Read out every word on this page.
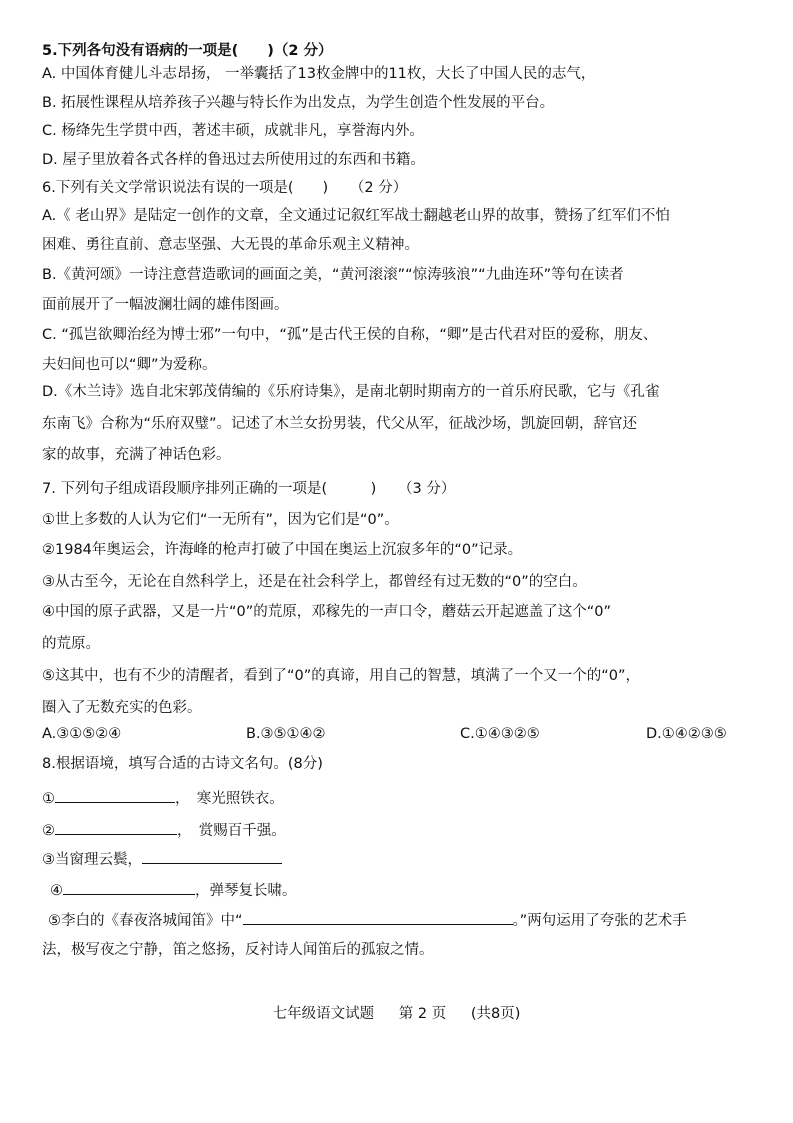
5.下列各句没有语病的一项是(　　)（2 分）
A. 中国体育健儿斗志昂扬， 一举囊括了13枚金牌中的11枚，大长了中国人民的志气，
B. 拓展性课程从培养孩子兴趣与特长作为出发点，为学生创造个性发展的平台。
C. 杨绛先生学贯中西，著述丰硕，成就非凡，享誉海内外。
D. 屋子里放着各式各样的鲁迅过去所使用过的东西和书籍。
6.下列有关文学常识说法有误的一项是(　　)　　（2 分）
A.《 老山界》是陆定一创作的文章，全文通过记叙红军战士翻越老山界的故事，赞扬了红军们不怕
困难、勇往直前、意志坚强、大无畏的革命乐观主义精神。
B.《黄河颂》一诗注意营造歌词的画面之美，“黄河滚滚”“惊涛骇浪”“九曲连环”等句在读者
面前展开了一幅波澜壮阔的雄伟图画。
C. “孤岂欲卿治经为博士邪”一句中，“孤”是古代王侯的自称，“卿”是古代君对臣的爱称，朋友、
夫妇间也可以“卿”为爱称。
D.《木兰诗》选自北宋郭茂倩编的《乐府诗集》，是南北朝时期南方的一首乐府民歌，它与《孔雀
东南飞》合称为“乐府双璧”。记述了木兰女扮男装，代父从军，征战沙场，凯旋回朝，辞官还
家的故事，充满了神话色彩。
7. 下列句子组成语段顺序排列正确的一项是(　　　)　　（3 分）
①世上多数的人认为它们“一无所有”，因为它们是“0”。
②1984年奥运会，许海峰的枪声打破了中国在奥运上沉寂多年的“0”记录。
③从古至今，无论在自然科学上，还是在社会科学上，都曾经有过无数的“0”的空白。
④中国的原子武器，又是一片“0”的荒原，邓稼先的一声口令，蘑菇云开起遮盖了这个“0”
的荒原。
⑤这其中，也有不少的清醒者，看到了“0”的真谛，用自己的智慧，填满了一个又一个的“0”，
圈入了无数充实的色彩。
A.③①⑤②④	B.③⑤①④②	C.①④③②⑤	D.①④②③⑤
8.根据语境，填写合适的古诗文名句。(8分)
①	，　寒光照铁衣。
②	，　赏赐百千强。
③当窗理云鬓，
④	，弹琴复长啸。
⑤李白的《春夜洛城闻笛》中“	。”两句运用了夸张的艺术手
法，极写夜之宁静，笛之悠扬，反衬诗人闻笛后的孤寂之情。
七年级语文试题 第 2 页 (共8页)
